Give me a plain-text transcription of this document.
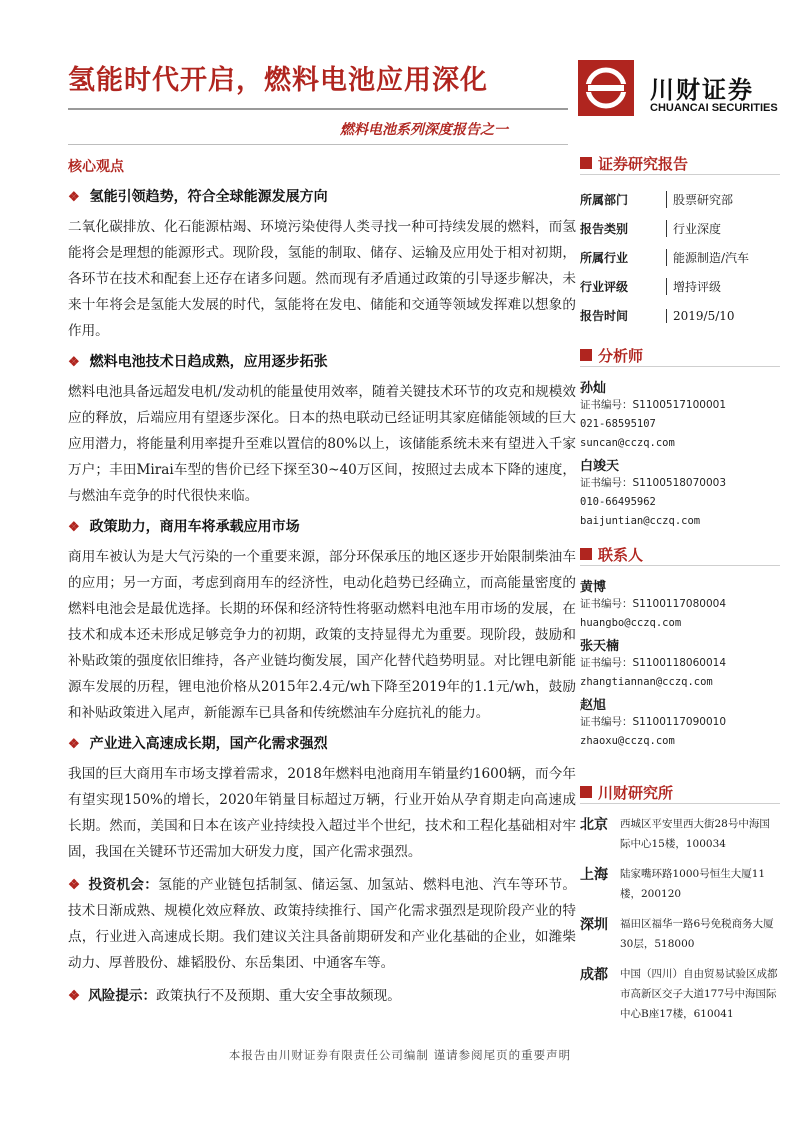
氢能时代开启，燃料电池应用深化
燃料电池系列深度报告之一
川财证券
CHUANCAI SECURITIES
核心观点
❖ 氢能引领趋势，符合全球能源发展方向
二氧化碳排放、化石能源枯竭、环境污染使得人类寻找一种可持续发展的燃料，而氢能将会是理想的能源形式。现阶段，氢能的制取、储存、运输及应用处于相对初期，各环节在技术和配套上还存在诸多问题。然而现有矛盾通过政策的引导逐步解决，未来十年将会是氢能大发展的时代，氢能将在发电、储能和交通等领域发挥难以想象的作用。
❖ 燃料电池技术日趋成熟，应用逐步拓张
燃料电池具备远超发电机/发动机的能量使用效率，随着关键技术环节的攻克和规模效应的释放，后端应用有望逐步深化。日本的热电联动已经证明其家庭储能领域的巨大应用潜力，将能量利用率提升至难以置信的80%以上，该储能系统未来有望进入千家万户；丰田Mirai车型的售价已经下探至30~40万区间，按照过去成本下降的速度，与燃油车竞争的时代很快来临。
❖ 政策助力，商用车将承载应用市场
商用车被认为是大气污染的一个重要来源，部分环保承压的地区逐步开始限制柴油车的应用；另一方面，考虑到商用车的经济性，电动化趋势已经确立，而高能量密度的燃料电池会是最优选择。长期的环保和经济特性将驱动燃料电池车用市场的发展，在技术和成本还未形成足够竞争力的初期，政策的支持显得尤为重要。现阶段，鼓励和补贴政策的强度依旧维持，各产业链均衡发展，国产化替代趋势明显。对比锂电新能源车发展的历程，锂电池价格从2015年2.4元/wh下降至2019年的1.1元/wh，鼓励和补贴政策进入尾声，新能源车已具备和传统燃油车分庭抗礼的能力。
❖ 产业进入高速成长期，国产化需求强烈
我国的巨大商用车市场支撑着需求，2018年燃料电池商用车销量约1600辆，而今年有望实现150%的增长，2020年销量目标超过万辆，行业开始从孕育期走向高速成长期。然而，美国和日本在该产业持续投入超过半个世纪，技术和工程化基础相对牢固，我国在关键环节还需加大研发力度，国产化需求强烈。
❖ 投资机会：氢能的产业链包括制氢、储运氢、加氢站、燃料电池、汽车等环节。技术日渐成熟、规模化效应释放、政策持续推行、国产化需求强烈是现阶段产业的特点，行业进入高速成长期。我们建议关注具备前期研发和产业化基础的企业，如潍柴动力、厚普股份、雄韬股份、东岳集团、中通客车等。
❖ 风险提示：政策执行不及预期、重大安全事故频现。
证券研究报告
所属部门	股票研究部
报告类别	行业深度
所属行业	能源制造/汽车
行业评级	增持评级
报告时间	2019/5/10
分析师
孙灿
证书编号：S1100517100001
021-68595107
suncan@cczq.com
白竣天
证书编号：S1100518070003
010-66495962
baijuntian@cczq.com
联系人
黄博
证书编号：S1100117080004
huangbo@cczq.com
张天楠
证书编号：S1100118060014
zhangtiannan@cczq.com
赵旭
证书编号：S1100117090010
zhaoxu@cczq.com
川财研究所
北京	西城区平安里西大街28号中海国际中心15楼，100034
上海	陆家嘴环路1000号恒生大厦11楼，200120
深圳	福田区福华一路6号免税商务大厦30层，518000
成都	中国（四川）自由贸易试验区成都市高新区交子大道177号中海国际中心B座17楼，610041
本报告由川财证券有限责任公司编制 谨请参阅尾页的重要声明
